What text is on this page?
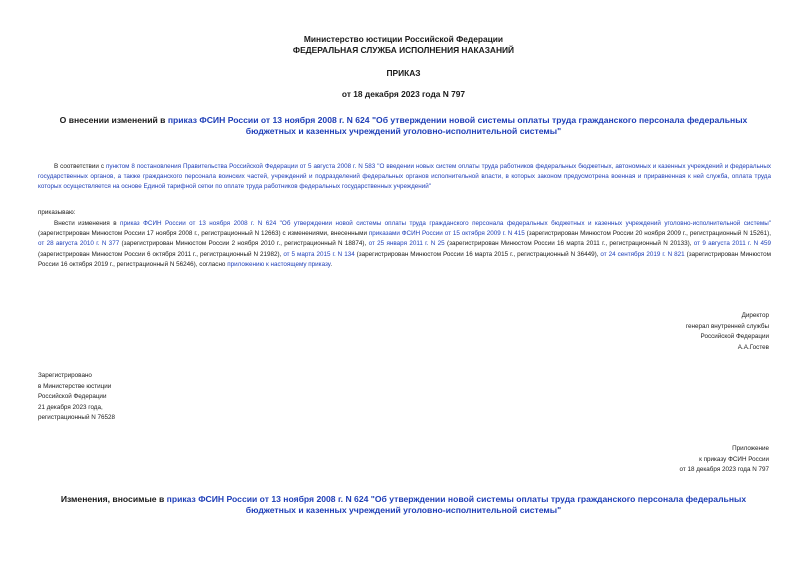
Министерство юстиции Российской Федерации
ФЕДЕРАЛЬНАЯ СЛУЖБА ИСПОЛНЕНИЯ НАКАЗАНИЙ
ПРИКАЗ
от 18 декабря 2023 года N 797
О внесении изменений в приказ ФСИН России от 13 ноября 2008 г. N 624 "Об утверждении новой системы оплаты труда гражданского персонала федеральных бюджетных и казенных учреждений уголовно-исполнительной системы"
В соответствии с пунктом 8 постановления Правительства Российской Федерации от 5 августа 2008 г. N 583 "О введении новых систем оплаты труда работников федеральных бюджетных, автономных и казенных учреждений и федеральных государственных органов, а также гражданского персонала воинских частей, учреждений и подразделений федеральных органов исполнительной власти, в которых законом предусмотрена военная и приравненная к ней служба, оплата труда которых осуществляется на основе Единой тарифной сетки по оплате труда работников федеральных государственных учреждений"
приказываю:
Внести изменения в приказ ФСИН России от 13 ноября 2008 г. N 624 "Об утверждении новой системы оплаты труда гражданского персонала федеральных бюджетных и казенных учреждений уголовно-исполнительной системы" (зарегистрирован Минюстом России 17 ноября 2008 г., регистрационный N 12663) с изменениями, внесенными приказами ФСИН России от 15 октября 2009 г. N 415 (зарегистрирован Минюстом России 20 ноября 2009 г., регистрационный N 15261), от 28 августа 2010 г. N 377 (зарегистрирован Минюстом России 2 ноября 2010 г., регистрационный N 18874), от 25 января 2011 г. N 25 (зарегистрирован Минюстом России 16 марта 2011 г., регистрационный N 20133), от 9 августа 2011 г. N 459 (зарегистрирован Минюстом России 6 октября 2011 г., регистрационный N 21982), от 5 марта 2015 г. N 134 (зарегистрирован Минюстом России 16 марта 2015 г., регистрационный N 36449), от 24 сентября 2019 г. N 821 (зарегистрирован Минюстом России 16 октября 2019 г., регистрационный N 56246), согласно приложению к настоящему приказу.
Директор
генерал внутренней службы
Российской Федерации
А.А.Гостев
Зарегистрировано
в Министерстве юстиции
Российской Федерации
21 декабря 2023 года,
регистрационный N 76528
Приложение
к приказу ФСИН России
от 18 декабря 2023 года N 797
Изменения, вносимые в приказ ФСИН России от 13 ноября 2008 г. N 624 "Об утверждении новой системы оплаты труда гражданского персонала федеральных бюджетных и казенных учреждений уголовно-исполнительной системы"
